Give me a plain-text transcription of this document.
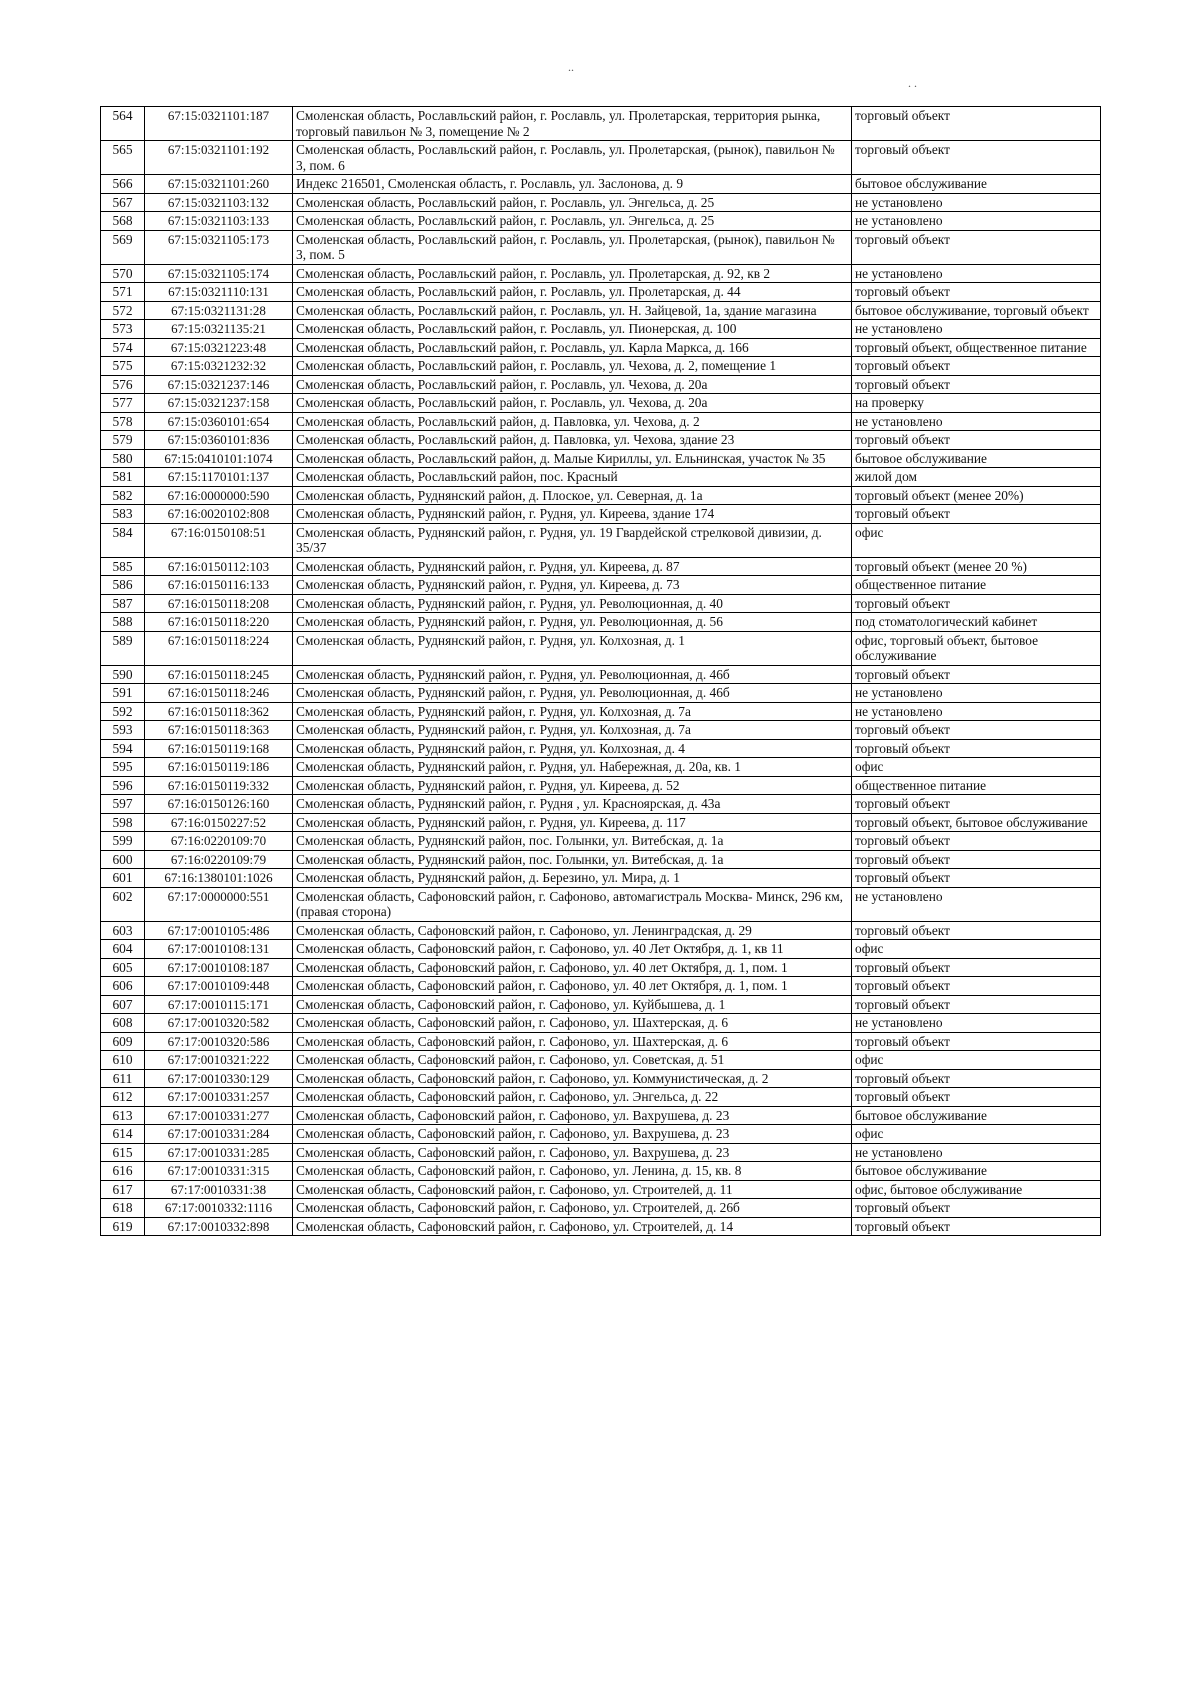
..
. .
564	67:15:0321101:187	Смоленская область, Рославльский район, г. Рославль, ул. Пролетарская, территория рынка, торговый павильон № 3, помещение № 2	торговый объект
565	67:15:0321101:192	Смоленская область, Рославльский район, г. Рославль, ул. Пролетарская, (рынок), павильон № 3, пом. 6	торговый объект
566	67:15:0321101:260	Индекс 216501, Смоленская область, г. Рославль, ул. Заслонова, д. 9	бытовое обслуживание
567	67:15:0321103:132	Смоленская область, Рославльский район, г. Рославль, ул. Энгельса, д. 25	не установлено
568	67:15:0321103:133	Смоленская область, Рославльский район, г. Рославль, ул. Энгельса, д. 25	не установлено
569	67:15:0321105:173	Смоленская область, Рославльский район, г. Рославль, ул. Пролетарская, (рынок), павильон № 3, пом. 5	торговый объект
570	67:15:0321105:174	Смоленская область, Рославльский район, г. Рославль, ул. Пролетарская, д. 92, кв 2	не установлено
571	67:15:0321110:131	Смоленская область, Рославльский район, г. Рославль, ул. Пролетарская, д. 44	торговый объект
572	67:15:0321131:28	Смоленская область, Рославльский район, г. Рославль, ул. Н. Зайцевой, 1а, здание магазина	бытовое обслуживание, торговый объект
573	67:15:0321135:21	Смоленская область, Рославльский район, г. Рославль, ул. Пионерская, д. 100	не установлено
574	67:15:0321223:48	Смоленская область, Рославльский район, г. Рославль, ул. Карла Маркса, д. 166	торговый объект, общественное питание
575	67:15:0321232:32	Смоленская область, Рославльский район, г. Рославль, ул. Чехова, д. 2, помещение 1	торговый объект
576	67:15:0321237:146	Смоленская область, Рославльский район, г. Рославль, ул. Чехова, д. 20а	торговый объект
577	67:15:0321237:158	Смоленская область, Рославльский район, г. Рославль, ул. Чехова, д. 20а	на проверку
578	67:15:0360101:654	Смоленская область, Рославльский район, д. Павловка, ул. Чехова, д. 2	не установлено
579	67:15:0360101:836	Смоленская область, Рославльский район, д. Павловка, ул. Чехова, здание 23	торговый объект
580	67:15:0410101:1074	Смоленская область, Рославльский район, д. Малые Кириллы, ул. Ельнинская, участок № 35	бытовое обслуживание
581	67:15:1170101:137	Смоленская область, Рославльский район, пос. Красный	жилой дом
582	67:16:0000000:590	Смоленская область, Руднянский район, д. Плоское, ул. Северная, д. 1а	торговый объект (менее 20%)
583	67:16:0020102:808	Смоленская область, Руднянский район, г. Рудня, ул. Киреева, здание 174	торговый объект
584	67:16:0150108:51	Смоленская область, Руднянский район, г. Рудня, ул. 19 Гвардейской стрелковой дивизии, д. 35/37	офис
585	67:16:0150112:103	Смоленская область, Руднянский район, г. Рудня, ул. Киреева, д. 87	торговый объект (менее 20 %)
586	67:16:0150116:133	Смоленская область, Руднянский район, г. Рудня, ул. Киреева, д. 73	общественное питание
587	67:16:0150118:208	Смоленская область, Руднянский район, г. Рудня, ул. Революционная, д. 40	торговый объект
588	67:16:0150118:220	Смоленская область, Руднянский район, г. Рудня, ул. Революционная, д. 56	под стоматологический кабинет
589	67:16:0150118:224	Смоленская область, Руднянский район, г. Рудня, ул. Колхозная, д. 1	офис, торговый объект, бытовое обслуживание
590	67:16:0150118:245	Смоленская область, Руднянский район, г. Рудня, ул. Революционная, д. 46б	торговый объект
591	67:16:0150118:246	Смоленская область, Руднянский район, г. Рудня, ул. Революционная, д. 46б	не установлено
592	67:16:0150118:362	Смоленская область, Руднянский район, г. Рудня, ул. Колхозная, д. 7а	не установлено
593	67:16:0150118:363	Смоленская область, Руднянский район, г. Рудня, ул. Колхозная, д. 7а	торговый объект
594	67:16:0150119:168	Смоленская область, Руднянский район, г. Рудня, ул. Колхозная, д. 4	торговый объект
595	67:16:0150119:186	Смоленская область, Руднянский район, г. Рудня, ул. Набережная, д. 20а, кв. 1	офис
596	67:16:0150119:332	Смоленская область, Руднянский район, г. Рудня, ул. Киреева, д. 52	общественное питание
597	67:16:0150126:160	Смоленская область, Руднянский район, г. Рудня , ул. Красноярская, д. 43а	торговый объект
598	67:16:0150227:52	Смоленская область, Руднянский район, г. Рудня, ул. Киреева, д. 117	торговый объект, бытовое обслуживание
599	67:16:0220109:70	Смоленская область, Руднянский район, пос. Голынки, ул. Витебская, д. 1а	торговый объект
600	67:16:0220109:79	Смоленская область, Руднянский район, пос. Голынки, ул. Витебская, д. 1а	торговый объект
601	67:16:1380101:1026	Смоленская область, Руднянский район, д. Березино, ул. Мира, д. 1	торговый объект
602	67:17:0000000:551	Смоленская область, Сафоновский район, г. Сафоново, автомагистраль Москва- Минск, 296 км, (правая сторона)	не установлено
603	67:17:0010105:486	Смоленская область, Сафоновский район, г. Сафоново, ул. Ленинградская, д. 29	торговый объект
604	67:17:0010108:131	Смоленская область, Сафоновский район, г. Сафоново, ул. 40 Лет Октября, д. 1, кв 11	офис
605	67:17:0010108:187	Смоленская область, Сафоновский район, г. Сафоново, ул. 40 лет Октября, д. 1, пом. 1	торговый объект
606	67:17:0010109:448	Смоленская область, Сафоновский район, г. Сафоново, ул. 40 лет Октября, д. 1, пом. 1	торговый объект
607	67:17:0010115:171	Смоленская область, Сафоновский район, г. Сафоново, ул. Куйбышева, д. 1	торговый объект
608	67:17:0010320:582	Смоленская область, Сафоновский район, г. Сафоново, ул. Шахтерская, д. 6	не установлено
609	67:17:0010320:586	Смоленская область, Сафоновский район, г. Сафоново, ул. Шахтерская, д. 6	торговый объект
610	67:17:0010321:222	Смоленская область, Сафоновский район, г. Сафоново, ул. Советская, д. 51	офис
611	67:17:0010330:129	Смоленская область, Сафоновский район, г. Сафоново, ул. Коммунистическая, д. 2	торговый объект
612	67:17:0010331:257	Смоленская область, Сафоновский район, г. Сафоново, ул. Энгельса, д. 22	торговый объект
613	67:17:0010331:277	Смоленская область, Сафоновский район, г. Сафоново, ул. Вахрушева, д. 23	бытовое обслуживание
614	67:17:0010331:284	Смоленская область, Сафоновский район, г. Сафоново, ул. Вахрушева, д. 23	офис
615	67:17:0010331:285	Смоленская область, Сафоновский район, г. Сафоново, ул. Вахрушева, д. 23	не установлено
616	67:17:0010331:315	Смоленская область, Сафоновский район, г. Сафоново, ул. Ленина, д. 15, кв. 8	бытовое обслуживание
617	67:17:0010331:38	Смоленская область, Сафоновский район, г. Сафоново, ул. Строителей, д. 11	офис, бытовое обслуживание
618	67:17:0010332:1116	Смоленская область, Сафоновский район, г. Сафоново, ул. Строителей, д. 26б	торговый объект
619	67:17:0010332:898	Смоленская область, Сафоновский район, г. Сафоново, ул. Строителей, д. 14	торговый объект
